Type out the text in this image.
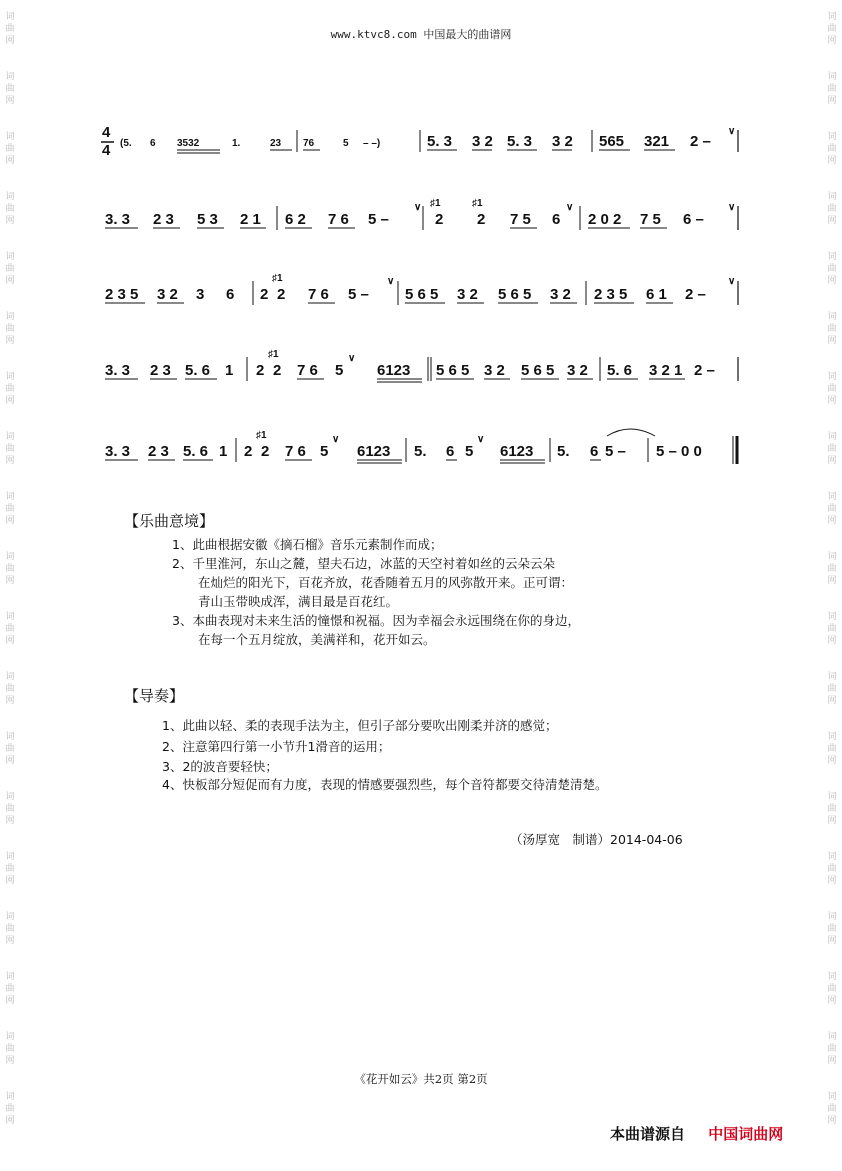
词
曲
网
词
曲
网
词
曲
网
词
曲
网
词
曲
网
词
曲
网
词
曲
网
词
曲
网
词
曲
网
词
曲
网
词
曲
网
词
曲
网
词
曲
网
词
曲
网
词
曲
网
词
曲
网
词
曲
网
词
曲
网
词
曲
网
词
曲
网
词
曲
网
词
曲
网
词
曲
网
词
曲
网
词
曲
网
词
曲
网
词
曲
网
词
曲
网
词
曲
网
词
曲
网
词
曲
网
词
曲
网
词
曲
网
词
曲
网
词
曲
网
词
曲
网
词
曲
网
词
曲
网
www.ktvc8.com 中国最大的曲谱网
4
4 (5. 6 3532	1.	23 76	5 – –)	5. 3 3 2 5. 3 3 2 565 321 2 –
∨
3. 3 2 3 5 3 2 1 6 2 7 6 5 –
∨ ♯1
2
♯1
2 7 5 6
∨
2 0 2 7 5 6 –
∨
2 3 5 3 2 3 6 2
♯1
2 7 6 5 –
∨
5 6 5 3 2 5 6 5 3 2 2 3 5 6 1 2 –
∨
3. 3 2 3 5. 6 1 2
♯1
2 7 6 5
∨
6123 5 6 5 3 2 5 6 5 3 2 5. 6 3 2 1 2 –
3. 3 2 3 5. 6 1 2
♯1
2 7 6 5
∨
6123 5. 6 5
∨
6123 5. 6 5 – 5 – 0 0
【乐曲意境】
1、此曲根据安徽《摘石榴》音乐元素制作而成；
2、千里淮河，东山之麓，望夫石边，冰蓝的天空衬着如丝的云朵云朵
在灿烂的阳光下，百花齐放，花香随着五月的风弥散开来。正可谓：
青山玉带映成浑，满目最是百花红。
3、本曲表现对未来生活的憧憬和祝福。因为幸福会永远围绕在你的身边，
在每一个五月绽放，美满祥和，花开如云。
【导奏】
1、此曲以轻、柔的表现手法为主，但引子部分要吹出刚柔并济的感觉；
2、注意第四行第一小节升1滑音的运用；
3、2的波音要轻快；
4、快板部分短促而有力度，表现的情感要强烈些，每个音符都要交待清楚清楚。
（汤厚宽　制谱）2014-04-06
《花开如云》共2页 第2页
本曲谱源自 中国词曲网
